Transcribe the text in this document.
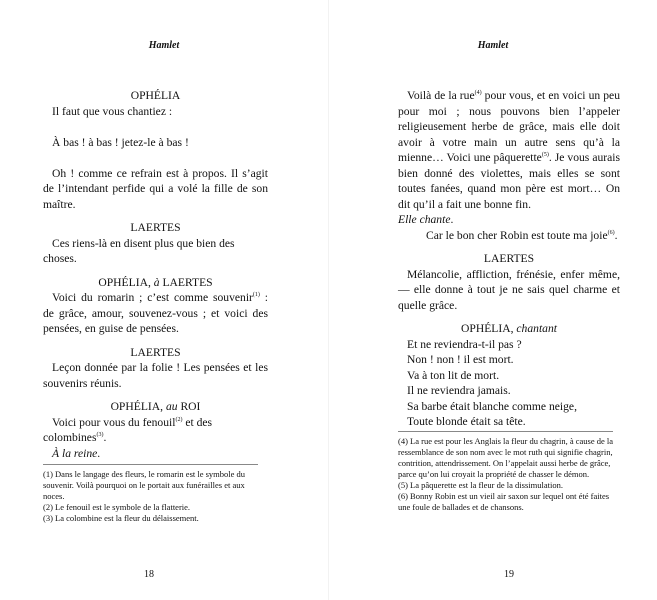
Hamlet
OPHÉLIA
Il faut que vous chantiez :
À bas ! à bas ! jetez-le à bas !
Oh ! comme ce refrain est à propos. Il s’agit de l’intendant perfide qui a volé la fille de son maître.
LAERTES
Ces riens-là en disent plus que bien des choses.
OPHÉLIA, à LAERTES
Voici du romarin ; c’est comme souvenir$^{(1)}$ : de grâce, amour, souvenez-vous ; et voici des pensées, en guise de pensées.
LAERTES
Leçon donnée par la folie ! Les pensées et les souvenirs réunis.
OPHÉLIA, au ROI
Voici pour vous du fenouil$^{(2)}$ et des colombines$^{(3)}$.
À la reine.
(1) Dans le langage des fleurs, le romarin est le symbole du souvenir. Voilà pourquoi on le portait aux funérailles et aux noces.
(2) Le fenouil est le symbole de la flatterie.
(3) La colombine est la fleur du délaissement.
18
Hamlet
Voilà de la rue$^{(4)}$ pour vous, et en voici un peu pour moi ; nous pouvons bien l’appeler religieusement herbe de grâce, mais elle doit avoir à votre main un autre sens qu’à la mienne… Voici une pâquerette$^{(5)}$. Je vous aurais bien donné des violettes, mais elles se sont toutes fanées, quand mon père est mort… On dit qu’il a fait une bonne fin.
Elle chante.
Car le bon cher Robin est toute ma joie$^{(6)}$.
LAERTES
Mélancolie, affliction, frénésie, enfer même, — elle donne à tout je ne sais quel charme et quelle grâce.
OPHÉLIA, chantant
Et ne reviendra-t-il pas ?
Non ! non ! il est mort.
Va à ton lit de mort.
Il ne reviendra jamais.
Sa barbe était blanche comme neige,
Toute blonde était sa tête.
(4) La rue est pour les Anglais la fleur du chagrin, à cause de la ressemblance de son nom avec le mot ruth qui signifie chagrin, contrition, attendrissement. On l’appelait aussi herbe de grâce, parce qu’on lui croyait la propriété de chasser le démon.
(5) La pâquerette est la fleur de la dissimulation.
(6) Bonny Robin est un vieil air saxon sur lequel ont été faites une foule de ballades et de chansons.
19
